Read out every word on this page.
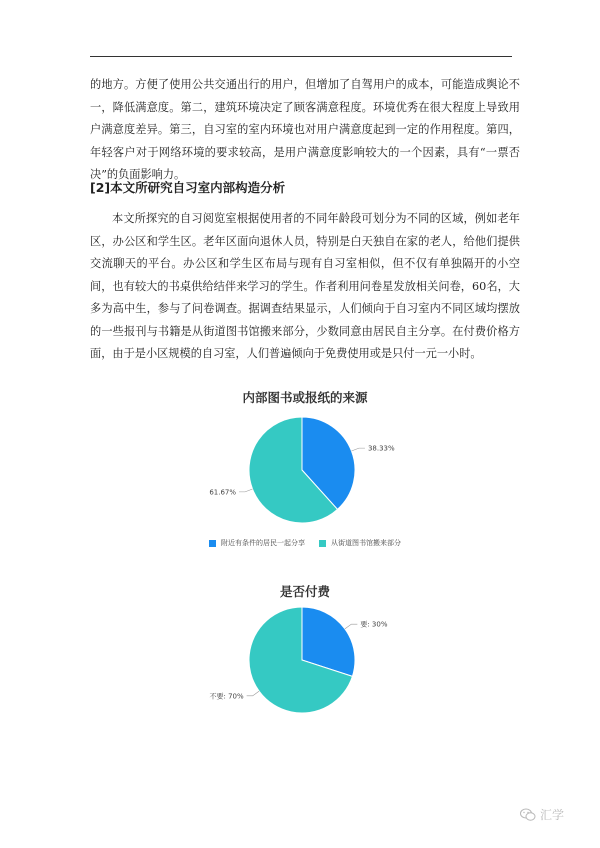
的地方。方便了使用公共交通出行的用户，但增加了自驾用户的成本，可能造成舆论不一，降低满意度。第二，建筑环境决定了顾客满意程度。环境优秀在很大程度上导致用户满意度差异。第三，自习室的室内环境也对用户满意度起到一定的作用程度。第四，年轻客户对于网络环境的要求较高，是用户满意度影响较大的一个因素，具有“一票否决”的负面影响力。

[2]本文所研究自习室内部构造分析

本文所探究的自习阅览室根据使用者的不同年龄段可划分为不同的区域，例如老年区，办公区和学生区。老年区面向退休人员，特别是白天独自在家的老人，给他们提供交流聊天的平台。办公区和学生区布局与现有自习室相似，但不仅有单独隔开的小空间，也有较大的书桌供给结伴来学习的学生。作者利用问卷星发放相关问卷，60名，大多为高中生，参与了问卷调查。据调查结果显示，人们倾向于自习室内不同区域均摆放的一些报刊与书籍是从街道图书馆搬来部分，少数同意由居民自主分享。在付费价格方面，由于是小区规模的自习室，人们普遍倾向于免费使用或是只付一元一小时。

内部图书或报纸的来源
38.33%
61.67%
附近有条件的居民一起分享	从街道图书馆搬来部分
是否付费
要: 30%
不要: 70%
汇学
